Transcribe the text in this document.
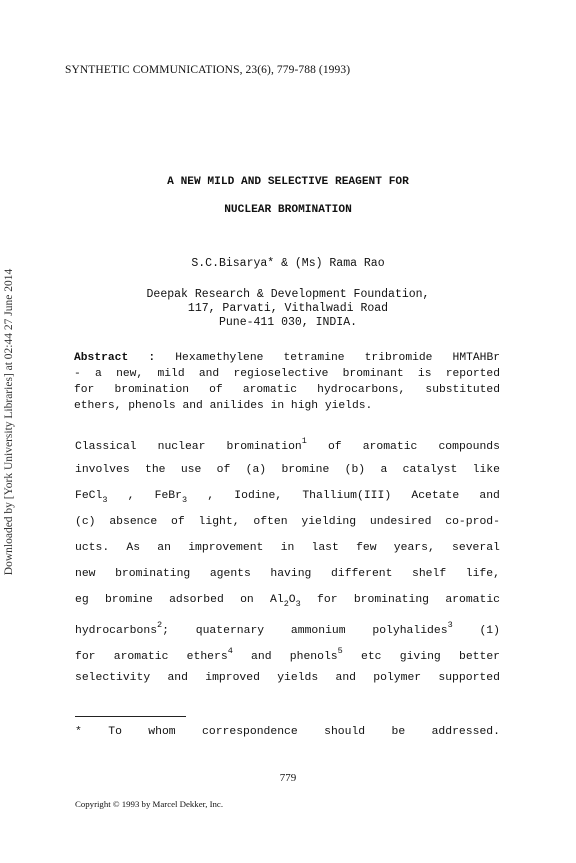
Downloaded by [York University Libraries] at 02:44 27 June 2014
SYNTHETIC COMMUNICATIONS, 23(6), 779-788 (1993)
A NEW MILD AND SELECTIVE REAGENT FOR
NUCLEAR BROMINATION
S.C.Bisarya* & (Ms) Rama Rao
Deepak Research & Development Foundation,
117, Parvati, Vithalwadi Road
Pune-411 030, INDIA.
Abstract : Hexamethylene tetramine tribromide HMTAHBr
- a new, mild and regioselective brominant is reported
for bromination of aromatic hydrocarbons, substituted
ethers, phenols and anilides in high yields.
Classical nuclear bromination$^1$ of aromatic compounds
involves the use of (a) bromine (b) a catalyst like
FeCl$_3$ , FeBr$_3$ , Iodine, Thallium(III) Acetate and
(c) absence of light, often yielding undesired co-prod-
ucts. As an improvement in last few years, several
new brominating agents having different shelf life,
eg bromine adsorbed on $Al_2O_3$ for brominating aromatic
hydrocarbons$^2$; quaternary ammonium polyhalides$^3$ (1)
for aromatic ethers$^4$ and phenols$^5$ etc giving better
selectivity and improved yields and polymer supported
* To whom correspondence should be addressed.
779
Copyright © 1993 by Marcel Dekker, Inc.
